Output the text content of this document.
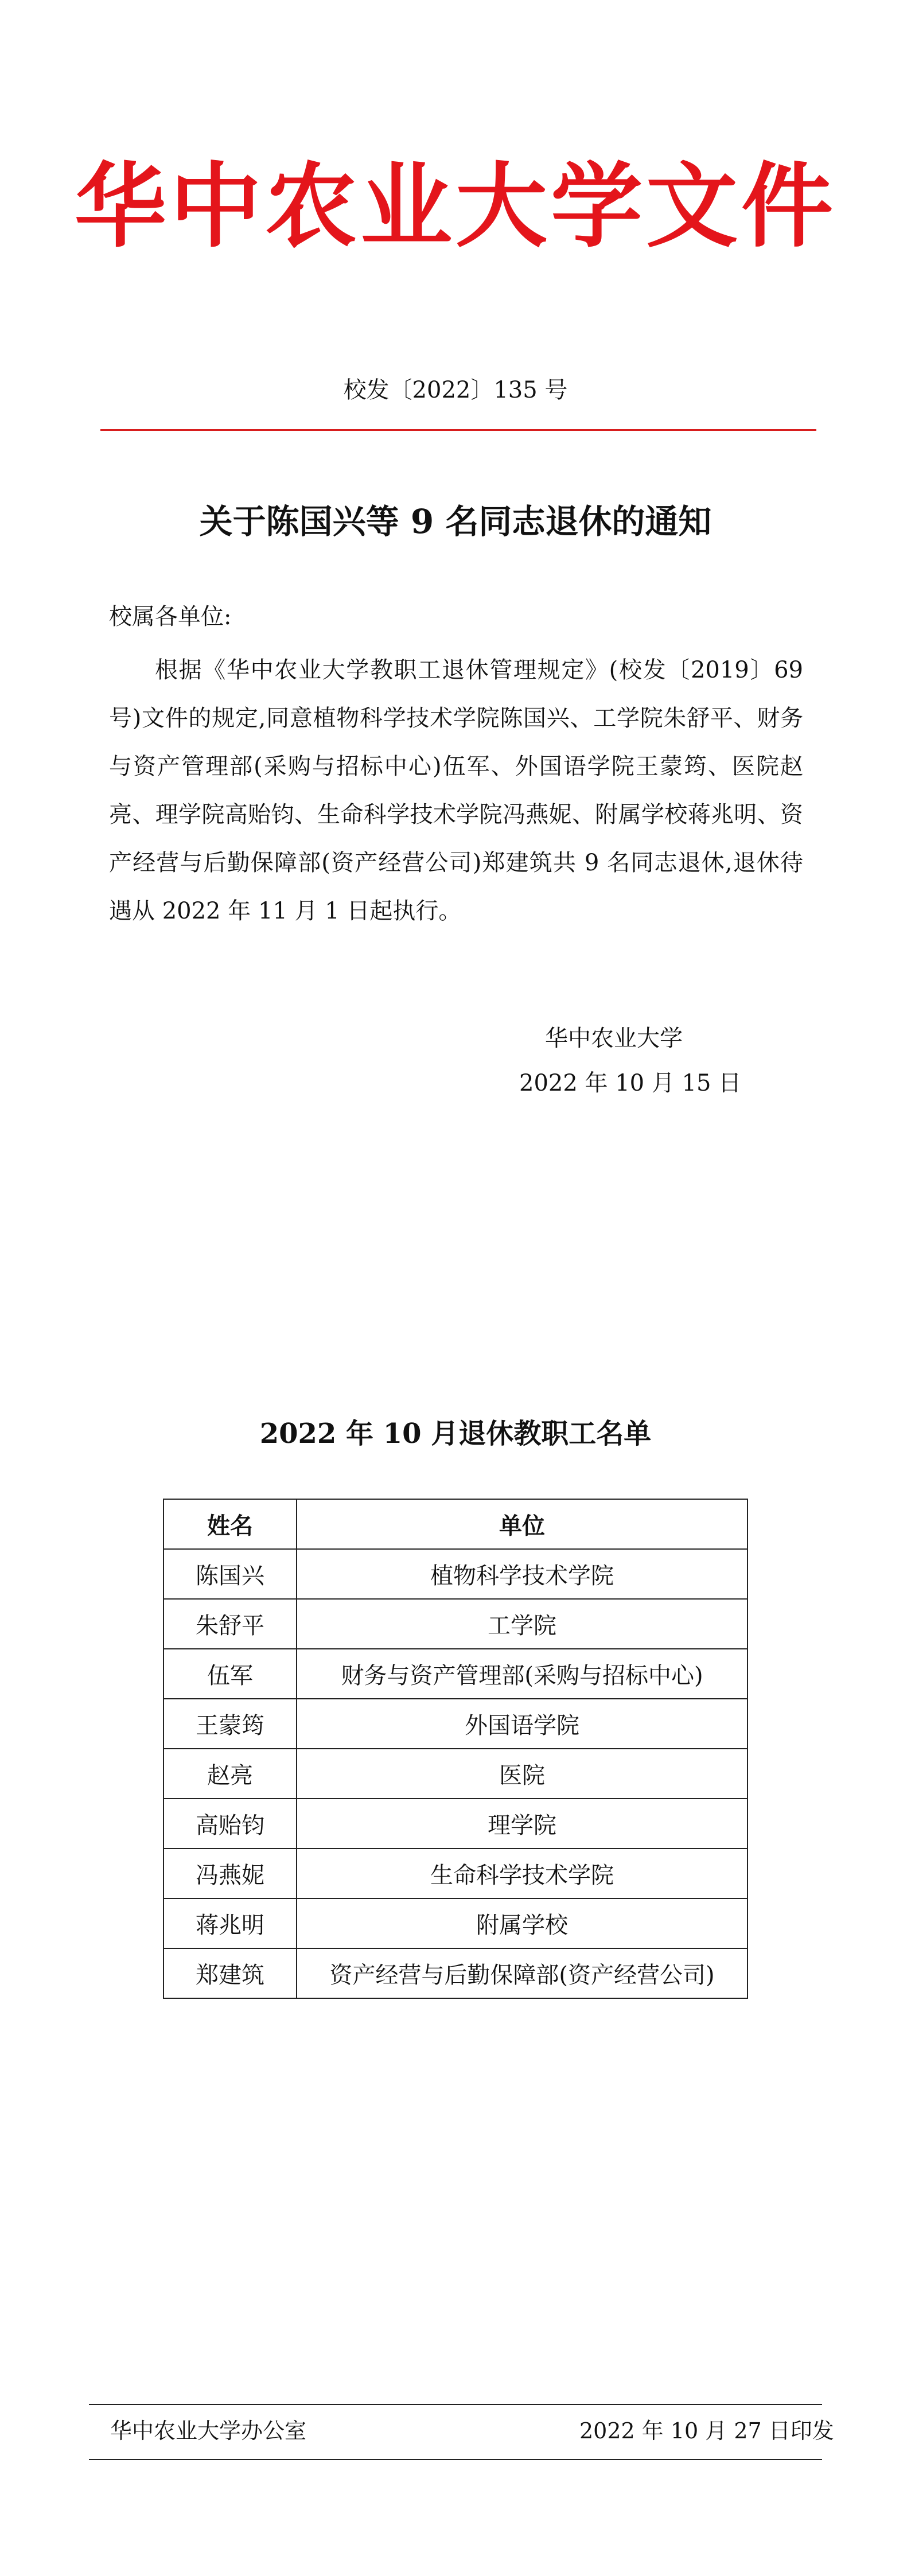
华中农业大学文件
校发〔2022〕135 号
关于陈国兴等 9 名同志退休的通知
校属各单位:

根据《华中农业大学教职工退休管理规定》(校发〔2019〕69 号)文件的规定,同意植物科学技术学院陈国兴、工学院朱舒平、财务与资产管理部(采购与招标中心)伍军、外国语学院王蒙筠、医院赵亮、理学院高贻钧、生命科学技术学院冯燕妮、附属学校蒋兆明、资产经营与后勤保障部(资产经营公司)郑建筑共 9 名同志退休,退休待遇从 2022 年 11 月 1 日起执行。

华中农业大学
2022 年 10 月 15 日
2022 年 10 月退休教职工名单
姓名	单位
陈国兴	植物科学技术学院
朱舒平	工学院
伍军	财务与资产管理部(采购与招标中心)
王蒙筠	外国语学院
赵亮	医院
高贻钧	理学院
冯燕妮	生命科学技术学院
蒋兆明	附属学校
郑建筑	资产经营与后勤保障部(资产经营公司)
华中农业大学办公室	2022 年 10 月 27 日印发
